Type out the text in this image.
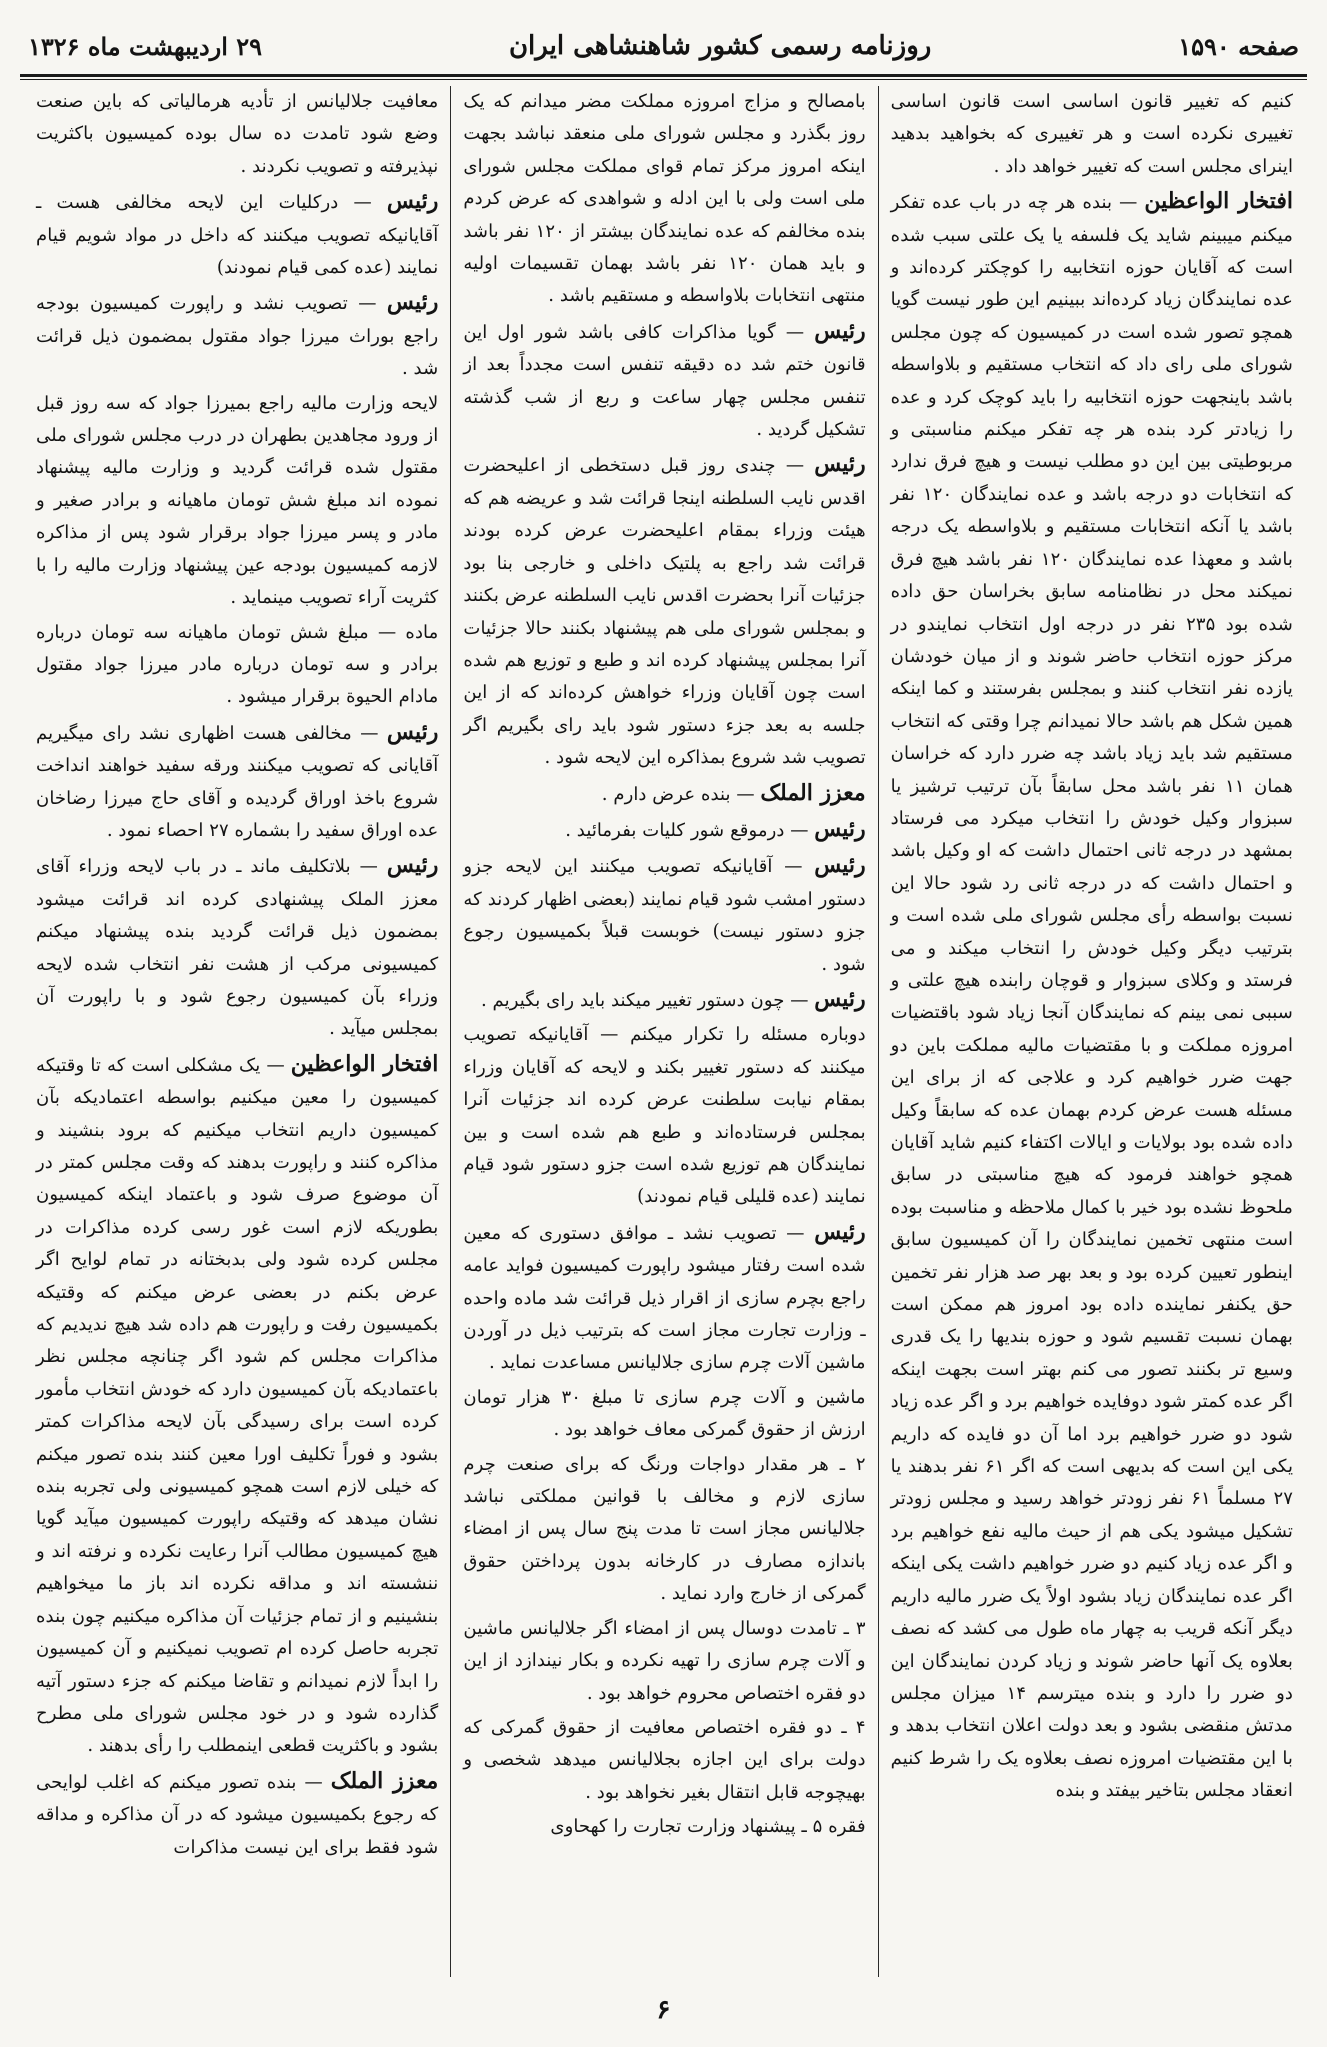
صفحه ۱۵۹۰
روزنامه رسمی کشور شاهنشاهی ایران
۲۹ اردیبهشت ماه ۱۳۲۶

کنیم که تغییر قانون اساسی است قانون اساسی تغییری نکرده است و هر تغییری که بخواهید بدهید اینرای مجلس است که تغییر خواهد داد .

افتخار الواعظین — بنده هر چه در باب عده تفکر میکنم میبینم شاید یک فلسفه یا یک علتی سبب شده است که آقایان حوزه انتخابیه را کوچکتر کرده‌اند و عده نمایندگان زیاد کرده‌اند ببینیم این طور نیست گویا همچو تصور شده است در کمیسیون که چون مجلس شورای ملی رای داد که انتخاب مستقیم و بلاواسطه باشد باینجهت حوزه انتخابیه را باید کوچک کرد و عده را زیادتر کرد بنده هر چه تفکر میکنم مناسبتی و مربوطیتی بین این دو مطلب نیست و هیچ فرق ندارد که انتخابات دو درجه باشد و عده نمایندگان ۱۲۰ نفر باشد یا آنکه انتخابات مستقیم و بلاواسطه یک درجه باشد و معهذا عده نمایندگان ۱۲۰ نفر باشد هیچ فرق نمیکند محل در نظامنامه سابق بخراسان حق داده شده بود ۲۳۵ نفر در درجه اول انتخاب نمایندو در مرکز حوزه انتخاب حاضر شوند و از میان خودشان یازده نفر انتخاب کنند و بمجلس بفرستند و کما اینکه همین شکل هم باشد حالا نمیدانم چرا وقتی که انتخاب مستقیم شد باید زیاد باشد چه ضرر دارد که خراسان همان ۱۱ نفر باشد محل سابقاً بآن ترتیب ترشیز یا سبزوار وکیل خودش را انتخاب میکرد می فرستاد بمشهد در درجه ثانی احتمال داشت که او وکیل باشد و احتمال داشت که در درجه ثانی رد شود حالا این نسبت بواسطه رأی مجلس شورای ملی شده است و بترتیب دیگر وکیل خودش را انتخاب میکند و می فرستد و وکلای سبزوار و قوچان رابنده هیچ علتی و سببی نمی بینم که نمایندگان آنجا زیاد شود باقتضیات امروزه مملکت و با مقتضیات مالیه مملکت باین دو جهت ضرر خواهیم کرد و علاجی که از برای این مسئله هست عرض کردم بهمان عده که سابقاً وکیل داده شده بود بولایات و ایالات اکتفاء کنیم شاید آقایان همچو خواهند فرمود که هیچ مناسبتی در سابق ملحوظ نشده بود خیر با کمال ملاحظه و مناسبت بوده است منتهی تخمین نمایندگان را آن کمیسیون سابق اینطور تعیین کرده بود و بعد بهر صد هزار نفر تخمین حق یکنفر نماینده داده بود امروز هم ممکن است بهمان نسبت تقسیم شود و حوزه بندیها را یک قدری وسیع تر بکنند تصور می کنم بهتر است بجهت اینکه اگر عده کمتر شود دوفایده خواهیم برد و اگر عده زیاد شود دو ضرر خواهیم برد اما آن دو فایده که داریم یکی این است که بدیهی است که اگر ۶۱ نفر بدهند یا ۲۷ مسلماً ۶۱ نفر زودتر خواهد رسید و مجلس زودتر تشکیل میشود یکی هم از حیث مالیه نفع خواهیم برد و اگر عده زیاد کنیم دو ضرر خواهیم داشت یکی اینکه اگر عده نمایندگان زیاد بشود اولاً یک ضرر مالیه داریم دیگر آنکه قریب به چهار ماه طول می کشد که نصف بعلاوه یک آنها حاضر شوند و زیاد کردن نمایندگان این دو ضرر را دارد و بنده میترسم ۱۴ میزان مجلس مدتش منقضی بشود و بعد دولت اعلان انتخاب بدهد و با این مقتضیات امروزه نصف بعلاوه یک را شرط کنیم انعقاد مجلس بتاخیر بیفتد و بنده

بامصالح و مزاج امروزه مملکت مضر میدانم که یک روز بگذرد و مجلس شورای ملی منعقد نباشد بجهت اینکه امروز مرکز تمام قوای مملکت مجلس شورای ملی است ولی با این ادله و شواهدی که عرض کردم بنده مخالفم که عده نمایندگان بیشتر از ۱۲۰ نفر باشد و باید همان ۱۲۰ نفر باشد بهمان تقسیمات اولیه منتهی انتخابات بلاواسطه و مستقیم باشد .

رئیس — گویا مذاکرات کافی باشد شور اول این قانون ختم شد ده دقیقه تنفس است مجدداً بعد از تنفس مجلس چهار ساعت و ربع از شب گذشته تشکیل گردید .

رئیس — چندی روز قبل دستخطی از اعلیحضرت اقدس نایب السلطنه اینجا قرائت شد و عریضه هم که هیئت وزراء بمقام اعلیحضرت عرض کرده بودند قرائت شد راجع به پلتیک داخلی و خارجی بنا بود جزئیات آنرا بحضرت اقدس نایب السلطنه عرض بکنند و بمجلس شورای ملی هم پیشنهاد بکنند حالا جزئیات آنرا بمجلس پیشنهاد کرده اند و طبع و توزیع هم شده است چون آقایان وزراء خواهش کرده‌اند که از این جلسه به بعد جزء دستور شود باید رای بگیریم اگر تصویب شد شروع بمذاکره این لایحه شود .

معزز الملک — بنده عرض دارم .

رئیس — درموقع شور کلیات بفرمائید .

رئیس — آقایانیکه تصویب میکنند این لایحه جزو دستور امشب شود قیام نمایند (بعضی اظهار کردند که جزو دستور نیست) خوبست قبلاً بکمیسیون رجوع شود .

رئیس — چون دستور تغییر میکند باید رای بگیریم .

دوباره مسئله را تکرار میکنم — آقایانیکه تصویب میکنند که دستور تغییر بکند و لایحه که آقایان وزراء بمقام نیابت سلطنت عرض کرده اند جزئیات آنرا بمجلس فرستاده‌اند و طبع هم شده است و بین نمایندگان هم توزیع شده است جزو دستور شود قیام نمایند (عده قلیلی قیام نمودند)

رئیس — تصویب نشد ـ موافق دستوری که معین شده است رفتار میشود راپورت کمیسیون فواید عامه راجع بچرم سازی از اقرار ذیل قرائت شد ماده واحده ـ وزارت تجارت مجاز است که بترتیب ذیل در آوردن ماشین آلات چرم سازی جلالیانس مساعدت نماید .

ماشین و آلات چرم سازی تا مبلغ ۳۰ هزار تومان ارزش از حقوق گمرکی معاف خواهد بود .

۲ ـ هر مقدار دواجات ورنگ که برای صنعت چرم سازی لازم و مخالف با قوانین مملکتی نباشد جلالیانس مجاز است تا مدت پنج سال پس از امضاء باندازه مصارف در کارخانه بدون پرداختن حقوق گمرکی از خارج وارد نماید .

۳ ـ تامدت دوسال پس از امضاء اگر جلالیانس ماشین و آلات چرم سازی را تهیه نکرده و بکار نیندازد از این دو فقره اختصاص محروم خواهد بود .

۴ ـ دو فقره اختصاص معافیت از حقوق گمرکی که دولت برای این اجازه بجلالیانس میدهد شخصی و بهیچوجه قابل انتقال بغیر نخواهد بود .

فقره ۵ ـ پیشنهاد وزارت تجارت را کهحاوی

معافیت جلالیانس از تأدیه هرمالیاتی که باین صنعت وضع شود تامدت ده سال بوده کمیسیون باکثریت نپذیرفته و تصویب نکردند .

رئیس — درکلیات این لایحه مخالفی هست ـ آقایانیکه تصویب میکنند که داخل در مواد شویم قیام نمایند (عده کمی قیام نمودند)

رئیس — تصویب نشد و راپورت کمیسیون بودجه راجع بوراث میرزا جواد مقتول بمضمون ذیل قرائت شد .

لایحه وزارت مالیه راجع بمیرزا جواد که سه روز قبل از ورود مجاهدین بطهران در درب مجلس شورای ملی مقتول شده قرائت گردید و وزارت مالیه پیشنهاد نموده اند مبلغ شش تومان ماهیانه و برادر صغیر و مادر و پسر میرزا جواد برقرار شود پس از مذاکره لازمه کمیسیون بودجه عین پیشنهاد وزارت مالیه را با کثریت آراء تصویب مینماید .

ماده — مبلغ شش تومان ماهیانه سه تومان درباره برادر و سه تومان درباره مادر میرزا جواد مقتول مادام الحیوة برقرار میشود .

رئیس — مخالفی هست اظهاری نشد رای میگیریم آقایانی که تصویب میکنند ورقه سفید خواهند انداخت شروع باخذ اوراق گردیده و آقای حاج میرزا رضاخان عده اوراق سفید را بشماره ۲۷ احصاء نمود .

رئیس — بلاتکلیف ماند ـ در باب لایحه وزراء آقای معزز الملک پیشنهادی کرده اند قرائت میشود بمضمون ذیل قرائت گردید بنده پیشنهاد میکنم کمیسیونی مرکب از هشت نفر انتخاب شده لایحه وزراء بآن کمیسیون رجوع شود و با راپورت آن بمجلس میآید .

افتخار الواعظین — یک مشکلی است که تا وقتیکه کمیسیون را معین میکنیم بواسطه اعتمادیکه بآن کمیسیون داریم انتخاب میکنیم که برود بنشیند و مذاکره کنند و راپورت بدهند که وقت مجلس کمتر در آن موضوع صرف شود و باعتماد اینکه کمیسیون بطوریکه لازم است غور رسی کرده مذاکرات در مجلس کرده شود ولی بدبختانه در تمام لوایح اگر عرض بکنم در بعضی عرض میکنم که وقتیکه بکمیسیون رفت و راپورت هم داده شد هیچ ندیدیم که مذاکرات مجلس کم شود اگر چنانچه مجلس نظر باعتمادیکه بآن کمیسیون دارد که خودش انتخاب مأمور کرده است برای رسیدگی بآن لایحه مذاکرات کمتر بشود و فوراً تکلیف اورا معین کنند بنده تصور میکنم که خیلی لازم است همچو کمیسیونی ولی تجربه بنده نشان میدهد که وقتیکه راپورت کمیسیون میآید گویا هیچ کمیسیون مطالب آنرا رعایت نکرده و نرفته اند و ننشسته اند و مداقه نکرده اند باز ما میخواهیم بنشینیم و از تمام جزئیات آن مذاکره میکنیم چون بنده تجربه حاصل کرده ام تصویب نمیکنیم و آن کمیسیون را ابداً لازم نمیدانم و تقاضا میکنم که جزء دستور آتیه گذارده شود و در خود مجلس شورای ملی مطرح بشود و باکثریت قطعی اینمطلب را رأی بدهند .

معزز الملک — بنده تصور میکنم که اغلب لوایحی که رجوع بکمیسیون میشود که در آن مذاکره و مداقه شود فقط برای این نیست مذاکرات

۶
